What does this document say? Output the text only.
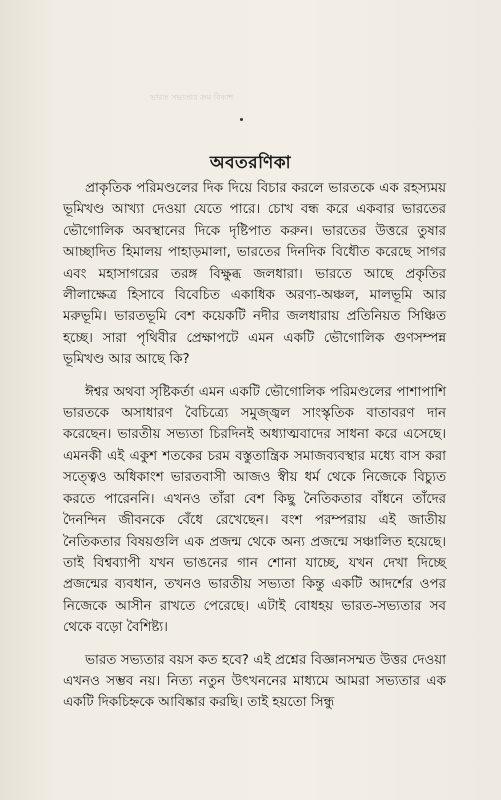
ভারত সভ্যতার ক্রম বিকাশ
অবতরণিকা

প্রাকৃতিক পরিমণ্ডলের দিক দিয়ে বিচার করলে ভারতকে এক রহস্যময় ভূমিখণ্ড আখ্যা দেওয়া যেতে পারে। চোখ বন্ধ করে একবার ভারতের ভৌগোলিক অবস্থানের দিকে দৃষ্টিপাত করুন। ভারতের উত্তরে তুষার আচ্ছাদিত হিমালয় পাহাড়মালা, ভারতের দিনদিক বিধৌত করেছে সাগর এবং মহাসাগরের তরঙ্গ বিক্ষুব্ধ জলধারা। ভারতে আছে প্রকৃতির লীলাক্ষেত্র হিসাবে বিবেচিত একাধিক অরণ্য-অঞ্চল, মালভূমি আর মরুভূমি। ভারতভূমি বেশ কয়েকটি নদীর জলধারায় প্রতিনিয়ত সিঞ্চিত হচ্ছে। সারা পৃথিবীর প্রেক্ষাপটে এমন একটি ভৌগোলিক গুণসম্পন্ন ভূমিখণ্ড আর আছে কি?

ঈশ্বর অথবা সৃষ্টিকর্তা এমন একটি ভৌগোলিক পরিমণ্ডলের পাশাপাশি ভারতকে অসাধারণ বৈচিত্র্যে সমুজ্জ্বল সাংস্কৃতিক বাতাবরণ দান করেছেন। ভারতীয় সভ্যতা চিরদিনই অধ্যাত্মবাদের সাধনা করে এসেছে। এমনকী এই একুশ শতকের চরম বস্তুতান্ত্রিক সমাজব্যবস্থার মধ্যে বাস করা সত্ত্বেও অধিকাংশ ভারতবাসী আজও স্বীয় ধর্ম থেকে নিজেকে বিচ্যুত করতে পারেননি। এখনও তাঁরা বেশ কিছু নৈতিকতার বাঁধনে তাঁদের দৈনন্দিন জীবনকে বেঁধে রেখেছেন। বংশ পরম্পরায় এই জাতীয় নৈতিকতার বিষয়গুলি এক প্রজন্ম থেকে অন্য প্রজন্মে সঞ্চালিত হয়েছে। তাই বিশ্বব্যাপী যখন ভাঙনের গান শোনা যাচ্ছে, যখন দেখা দিচ্ছে প্রজন্মের ব্যবধান, তখনও ভারতীয় সভ্যতা কিন্তু একটি আদর্শের ওপর নিজেকে আসীন রাখতে পেরেছে। এটাই বোধহয় ভারত-সভ্যতার সব থেকে বড়ো বৈশিষ্ট্য।

ভারত সভ্যতার বয়স কত হবে? এই প্রশ্নের বিজ্ঞানসম্মত উত্তর দেওয়া এখনও সম্ভব নয়। নিত্য নতুন উৎখননের মাধ্যমে আমরা সভ্যতার এক একটি দিকচিহ্নকে আবিষ্কার করছি। তাই হয়তো সিন্ধু
